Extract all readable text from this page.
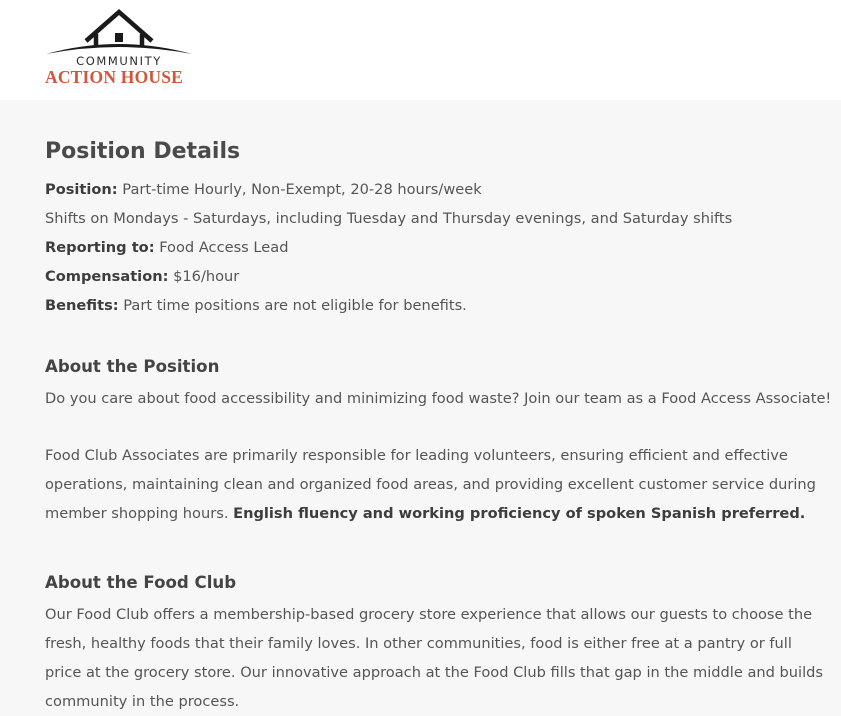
COMMUNITY
ACTION HOUSE
Position Details
Position: Part-time Hourly, Non-Exempt, 20-28 hours/week
Shifts on Mondays - Saturdays, including Tuesday and Thursday evenings, and Saturday shifts
Reporting to: Food Access Lead
Compensation: $16/hour
Benefits: Part time positions are not eligible for benefits.
About the Position

Do you care about food accessibility and minimizing food waste? Join our team as a Food Access Associate!

Food Club Associates are primarily responsible for leading volunteers, ensuring efficient and effective operations, maintaining clean and organized food areas, and providing excellent customer service during member shopping hours. English fluency and working proficiency of spoken Spanish preferred.

About the Food Club

Our Food Club offers a membership-based grocery store experience that allows our guests to choose the fresh, healthy foods that their family loves. In other communities, food is either free at a pantry or full price at the grocery store. Our innovative approach at the Food Club fills that gap in the middle and builds community in the process.
